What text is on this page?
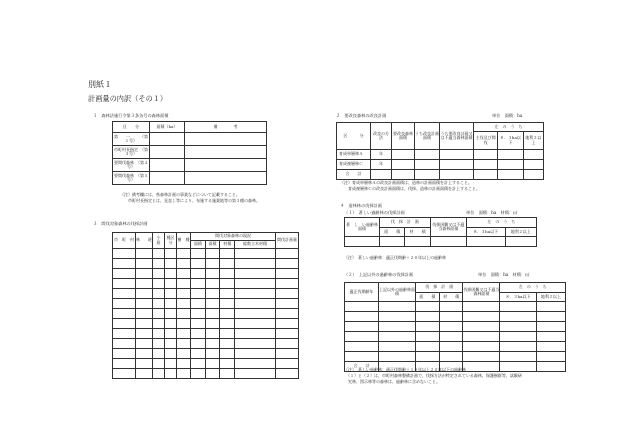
別紙１
計画量の内訳（その１）
１　森林法施行令第３条各号の森林面積
区　　分	面積（ha）	備　　　　考
第　　一　　　（第１号）		
市町村長指定　（第３号）		
要間伐森林　（第４号）		
要間伐森林　（第５号）		
（注）備考欄には、県森林計画の事業などについて記載すること。
　　市町村長指定とは、見直し等により、布施する施業地等の第３種の森林。
３　間伐対象森林の伐採計画
市　町　村	林　　班	小　班	種区分	樹　種	間伐対象森林の現況				間伐計画量
					面積	面積	材積	総数立木材積	

２　要改良森林の改良計画	単位　面積：ha
区　　　分	改良の方　法	要改良森林面積	うち改良計画面積	うち要改良計画又は不適当森林面積	左　の　う　ち		
					主伐及び間伐	８．３ha以下	地利２以上
育成単層林Ａ	年						
育成複層林Ｃ	年						
合　　計							
（注）育成単層林Ａの改良計画面積は、造林の計画面積を計上すること。
　　育成複層林Ｃの改良計画面積は、伐採、造林の計画面積を計上すること。
４　造林林の伐採計画
（１）　著しい過齢林の伐採計画	単位　面積：ha　材積：㎥
著　し　い過齢林面積	伐　採　計　画		伐採困難又は不適当森林面積	左　の　う　ち	
	面　　積	材　　積		８．３ha以下	地利２以上

（注）　著しい過齢林：適正伐期齢＋２０年以上の過齢林
（２）　上記以外の過齢林の伐採計画	単位　面積：ha　材積：㎥
適正伐期齢年	上記以外の過齢林面積	伐　採　計　画		伐採困難又は不適当森林面積	左　の　う　ち	
		面　　積	材　　積		８．３ha以下	地利２以上

合　　計						
（注）　著しい過齢林：適正伐期齢＋１０年以上２０年以下の過齢林
　（１）と（２）は、市町村森林整備計画で、伐採方法が特定されている森林、保護樹群等、試験研
　究林、図示林等の森林は、過齢林に含めないこと。
